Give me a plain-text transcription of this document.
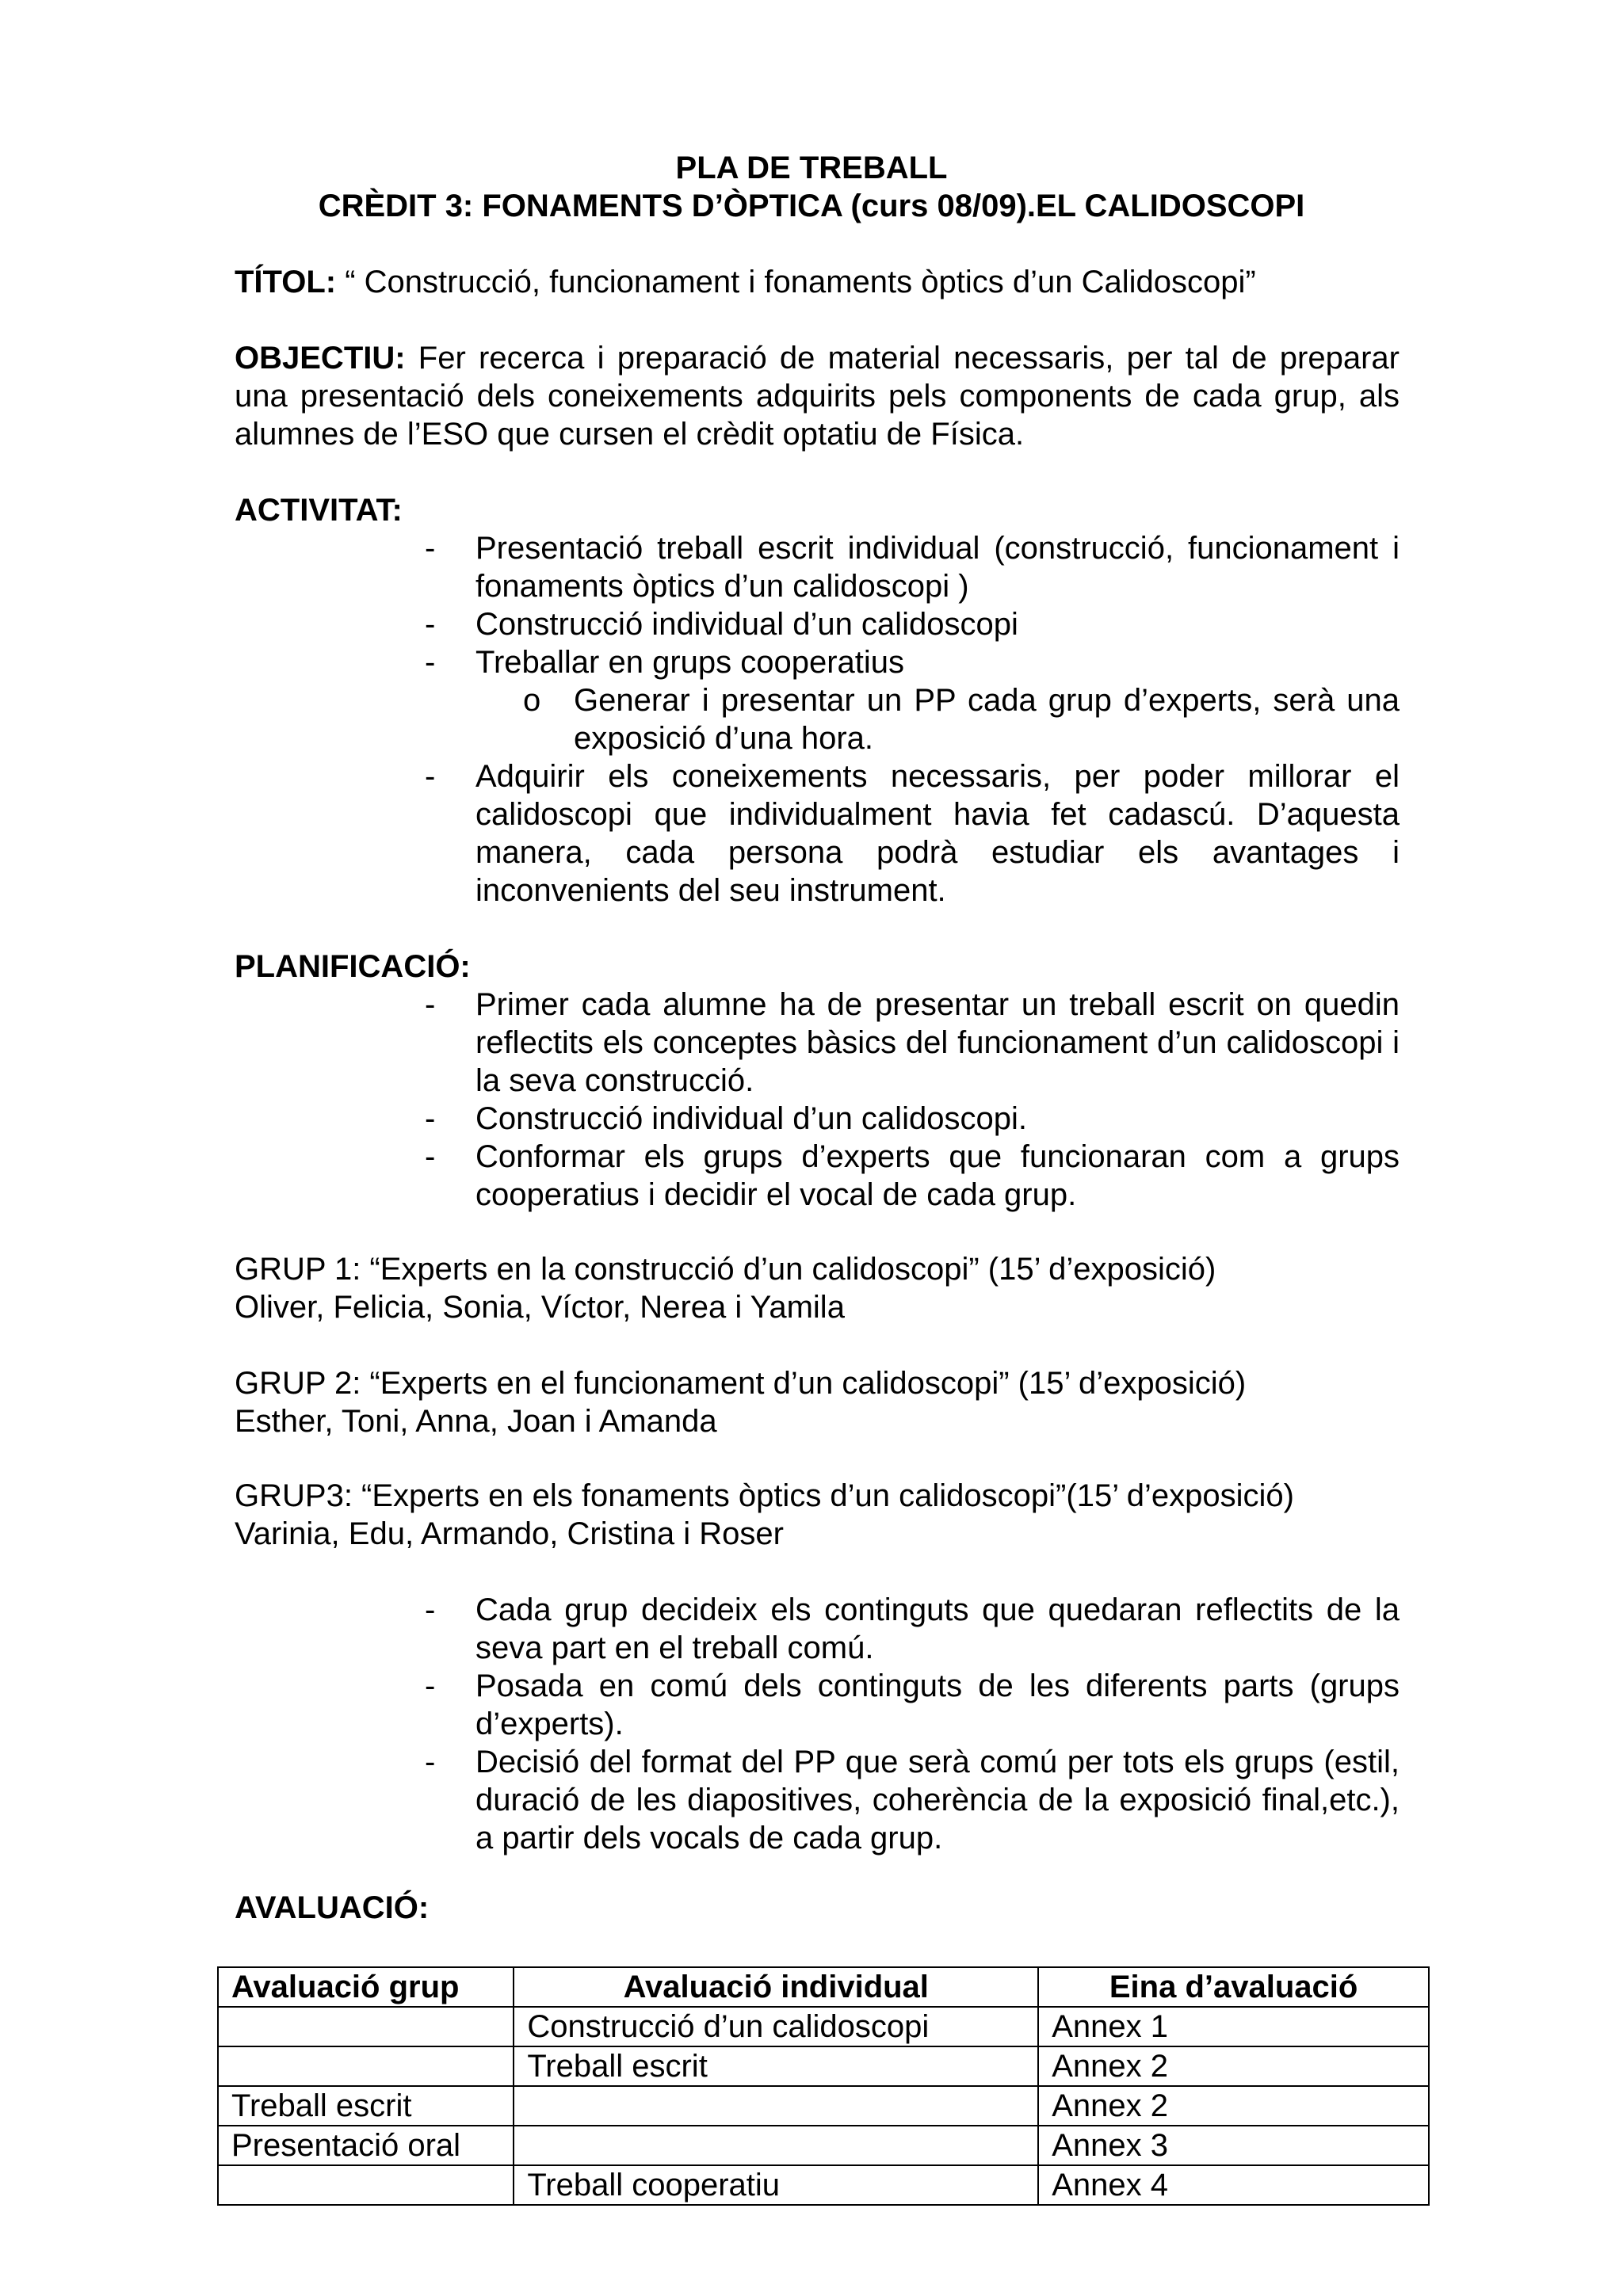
PLA DE TREBALL
CRÈDIT 3: FONAMENTS D’ÒPTICA (curs 08/09).EL CALIDOSCOPI
TÍTOL: “ Construcció, funcionament i fonaments òptics d’un Calidoscopi”
OBJECTIU: Fer recerca i preparació de material necessaris, per tal de preparar una presentació dels coneixements adquirits pels components de cada grup, als alumnes de l’ESO que cursen el crèdit optatiu de Física.
ACTIVITAT:
- Presentació treball escrit individual (construcció, funcionament i fonaments òptics d’un calidoscopi )
- Construcció individual d’un calidoscopi
- Treballar en grups cooperatius
o Generar i presentar un PP cada grup d’experts, serà una exposició d’una hora.
- Adquirir els coneixements necessaris, per poder millorar el calidoscopi que individualment havia fet cadascú. D’aquesta manera, cada persona podrà estudiar els avantages i inconvenients del seu instrument.
PLANIFICACIÓ:
- Primer cada alumne ha de presentar un treball escrit on quedin reflectits els conceptes bàsics del funcionament d’un calidoscopi i la seva construcció.
- Construcció individual d’un calidoscopi.
- Conformar els grups d’experts que funcionaran com a grups cooperatius i decidir el vocal de cada grup.
GRUP 1: “Experts en la construcció d’un calidoscopi” (15’ d’exposició)
Oliver, Felicia, Sonia, Víctor, Nerea i Yamila
GRUP 2: “Experts en el funcionament d’un calidoscopi” (15’ d’exposició)
Esther, Toni, Anna, Joan i Amanda
GRUP3: “Experts en els fonaments òptics d’un calidoscopi”(15’ d’exposició)
Varinia, Edu, Armando, Cristina i Roser
- Cada grup decideix els continguts que quedaran reflectits de la seva part en el treball comú.
- Posada en comú dels continguts de les diferents parts (grups d’experts).
- Decisió del format del PP que serà comú per tots els grups (estil, duració de les diapositives, coherència de la exposició final,etc.), a partir dels vocals de cada grup.
AVALUACIÓ:
Avaluació grup	Avaluació individual	Eina d’avaluació
	Construcció d’un calidoscopi	Annex 1
	Treball escrit	Annex 2
Treball escrit		Annex 2
Presentació oral		Annex 3
	Treball cooperatiu	Annex 4
